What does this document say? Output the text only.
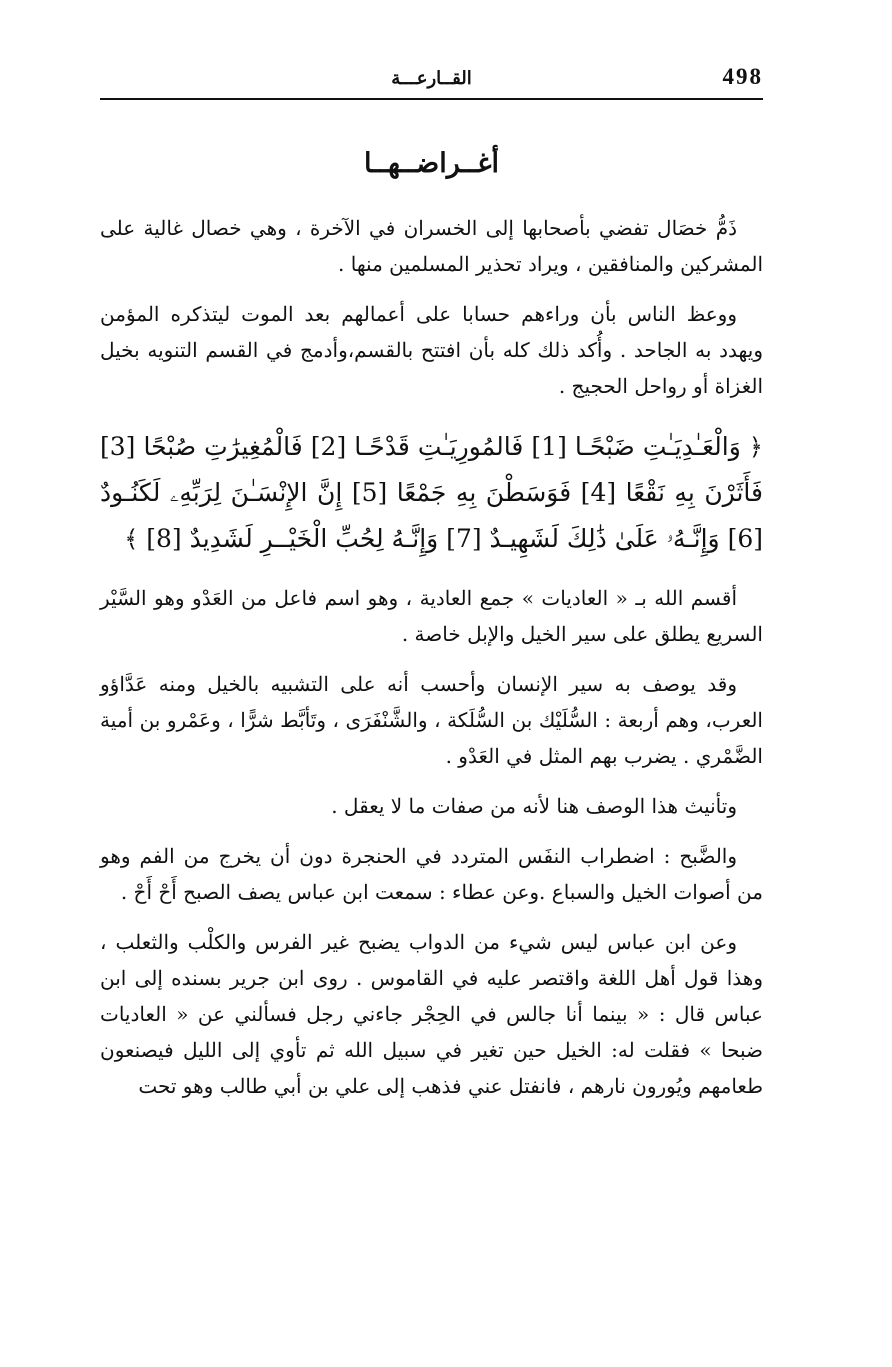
498
القــارعـــة
أغــراضــهــا

ذَمُّ خصَال تفضي بأصحابها إلى الخسران في الآخرة ، وهي خصال غالية على المشركين والمنافقين ، ويراد تحذير المسلمين منها .

ووعظ الناس بأن وراءهم حسابا على أعمالهم بعد الموت ليتذكره المؤمن ويهدد به الجاحد . وأُكد ذلك كله بأن افتتح بالقسم،وأدمج في القسم التنويه بخيل الغزاة أو رواحل الحجيج .

﴿ وَالْعَـٰدِيَـٰتِ ضَبْحًـا [1] فَالمُورِيَـٰتِ قَدْحًـا [2] فَالْمُغِيرَٰتِ صُبْحًا [3] فَأَثَرْنَ بِهِ نَقْعًا [4] فَوَسَطْنَ بِهِ جَمْعًا [5] إِنَّ الإِنْسَـٰنَ لِرَبِّهِۦ لَكَنُـودٌ [6] وَإِنَّـهُۥ عَلَىٰ ذَٰلِكَ لَشَهِيـدٌ [7] وَإِنَّـهُ لِحُبِّ الْخَيْــرِ لَشَدِيدٌ [8] ﴾

أقسم الله بـ « العاديات » جمع العادية ، وهو اسم فاعل من العَدْو وهو السَّيْر السريع يطلق على سير الخيل والإبل خاصة .

وقد يوصف به سير الإنسان وأحسب أنه على التشبيه بالخيل ومنه عَدَّاؤو العرب، وهم أربعة : السُّلَيْك بن السُّلَكة ، والشَّنْفَرَى ، وتَأبَّط شرًّا ، وعَمْرو بن أمية الضَّمْري . يضرب بهم المثل في العَدْو .

وتأنيث هذا الوصف هنا لأنه من صفات ما لا يعقل .

والضَّبح : اضطراب النفَس المتردد في الحنجرة دون أن يخرج من الفم وهو من أصوات الخيل والسباع .وعن عطاء : سمعت ابن عباس يصف الصبح أَحْ أَحْ .

وعن ابن عباس ليس شيء من الدواب يضبح غير الفرس والكلْب والثعلب ، وهذا قول أهل اللغة واقتصر عليه في القاموس . روى ابن جرير بسنده إلى ابن عباس قال : « بينما أنا جالس في الحِجْر جاءني رجل فسألني عن « العاديات ضبحا » فقلت له: الخيل حين تغير في سبيل الله ثم تأوي إلى الليل فيصنعون طعامهم ويُورون نارهم ، فانفتل عني فذهب إلى علي بن أبي طالب وهو تحت
